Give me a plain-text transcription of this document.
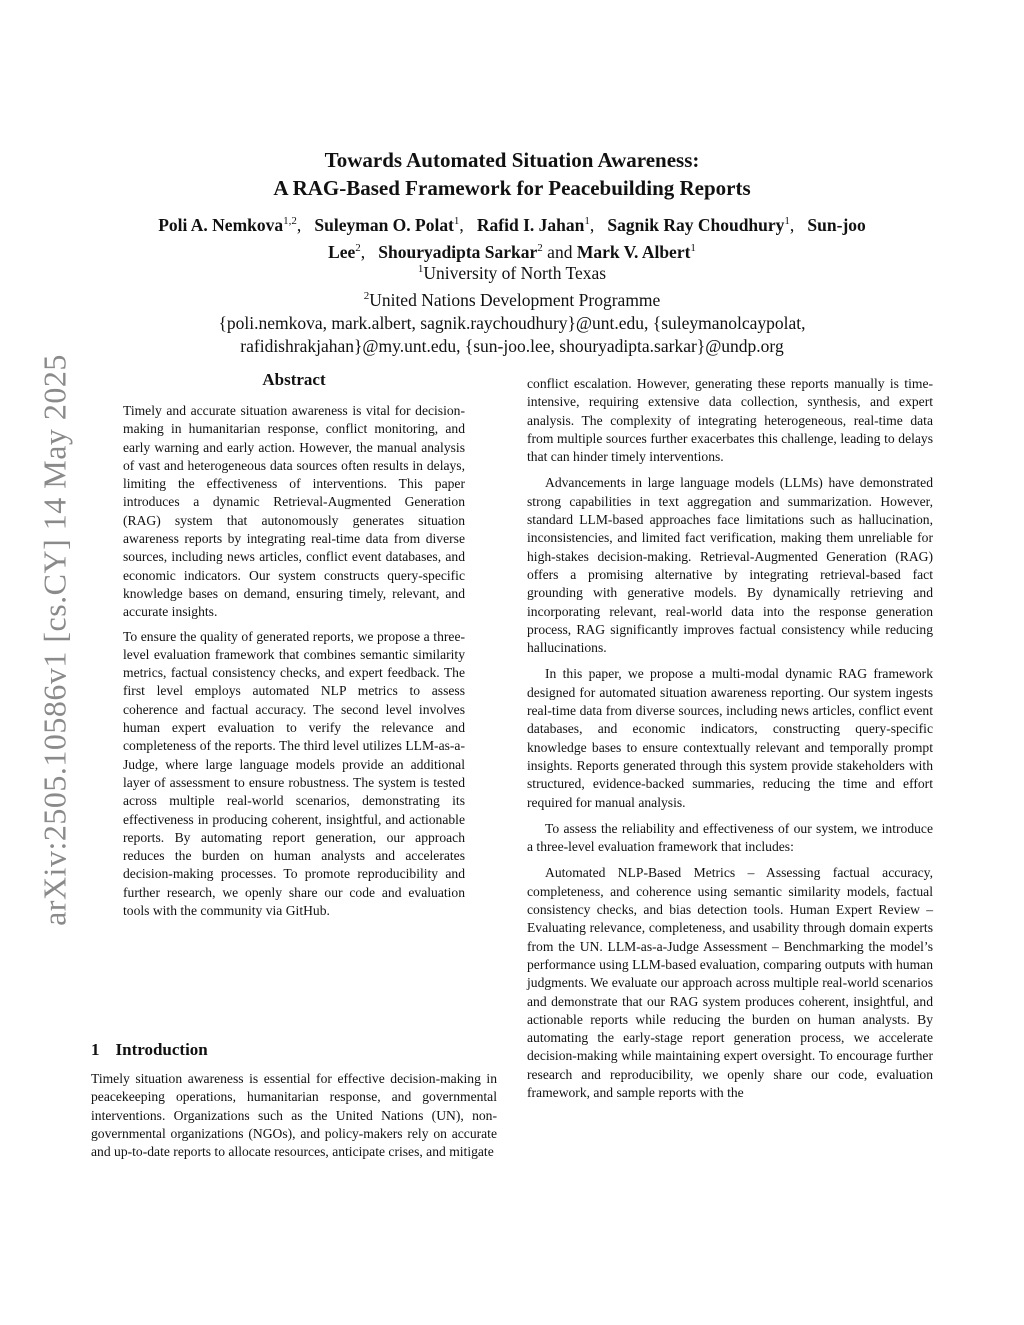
arXiv:2505.10586v1 [cs.CY] 14 May 2025
Towards Automated Situation Awareness:
A RAG-Based Framework for Peacebuilding Reports
Poli A. Nemkova$^{1,2}$,   Suleyman O. Polat$^1$,   Rafid I. Jahan$^1$,   Sagnik Ray Choudhury$^1$,   Sun-joo
Lee$^2$,   Shouryadipta Sarkar$^2$ and Mark V. Albert$^1$
$^1$University of North Texas
$^2$United Nations Development Programme
{poli.nemkova, mark.albert, sagnik.raychoudhury}@unt.edu, {suleymanolcaypolat,
rafidishrakjahan}@my.unt.edu, {sun-joo.lee, shouryadipta.sarkar}@undp.org
Abstract

Timely and accurate situation awareness is vital for decision-making in humanitarian response, conflict monitoring, and early warning and early action. However, the manual analysis of vast and heterogeneous data sources often results in delays, limiting the effectiveness of interventions. This paper introduces a dynamic Retrieval-Augmented Generation (RAG) system that autonomously generates situation awareness reports by integrating real-time data from diverse sources, including news articles, conflict event databases, and economic indicators. Our system constructs query-specific knowledge bases on demand, ensuring timely, relevant, and accurate insights.

To ensure the quality of generated reports, we propose a three-level evaluation framework that combines semantic similarity metrics, factual consistency checks, and expert feedback. The first level employs automated NLP metrics to assess coherence and factual accuracy. The second level involves human expert evaluation to verify the relevance and completeness of the reports. The third level utilizes LLM-as-a-Judge, where large language models provide an additional layer of assessment to ensure robustness. The system is tested across multiple real-world scenarios, demonstrating its effectiveness in producing coherent, insightful, and actionable reports. By automating report generation, our approach reduces the burden on human analysts and accelerates decision-making processes. To promote reproducibility and further research, we openly share our code and evaluation tools with the community via GitHub.

1 Introduction

Timely situation awareness is essential for effective decision-making in peacekeeping operations, humanitarian response, and governmental interventions. Organizations such as the United Nations (UN), non-governmental organizations (NGOs), and policy-makers rely on accurate and up-to-date reports to allocate resources, anticipate crises, and mitigate

conflict escalation. However, generating these reports manually is time-intensive, requiring extensive data collection, synthesis, and expert analysis. The complexity of integrating heterogeneous, real-time data from multiple sources further exacerbates this challenge, leading to delays that can hinder timely interventions.

Advancements in large language models (LLMs) have demonstrated strong capabilities in text aggregation and summarization. However, standard LLM-based approaches face limitations such as hallucination, inconsistencies, and limited fact verification, making them unreliable for high-stakes decision-making. Retrieval-Augmented Generation (RAG) offers a promising alternative by integrating retrieval-based fact grounding with generative models. By dynamically retrieving and incorporating relevant, real-world data into the response generation process, RAG significantly improves factual consistency while reducing hallucinations.

In this paper, we propose a multi-modal dynamic RAG framework designed for automated situation awareness reporting. Our system ingests real-time data from diverse sources, including news articles, conflict event databases, and economic indicators, constructing query-specific knowledge bases to ensure contextually relevant and temporally prompt insights. Reports generated through this system provide stakeholders with structured, evidence-backed summaries, reducing the time and effort required for manual analysis.

To assess the reliability and effectiveness of our system, we introduce a three-level evaluation framework that includes:

Automated NLP-Based Metrics – Assessing factual accuracy, completeness, and coherence using semantic similarity models, factual consistency checks, and bias detection tools. Human Expert Review – Evaluating relevance, completeness, and usability through domain experts from the UN. LLM-as-a-Judge Assessment – Benchmarking the model’s performance using LLM-based evaluation, comparing outputs with human judgments. We evaluate our approach across multiple real-world scenarios and demonstrate that our RAG system produces coherent, insightful, and actionable reports while reducing the burden on human analysts. By automating the early-stage report generation process, we accelerate decision-making while maintaining expert oversight. To encourage further research and reproducibility, we openly share our code, evaluation framework, and sample reports with the
